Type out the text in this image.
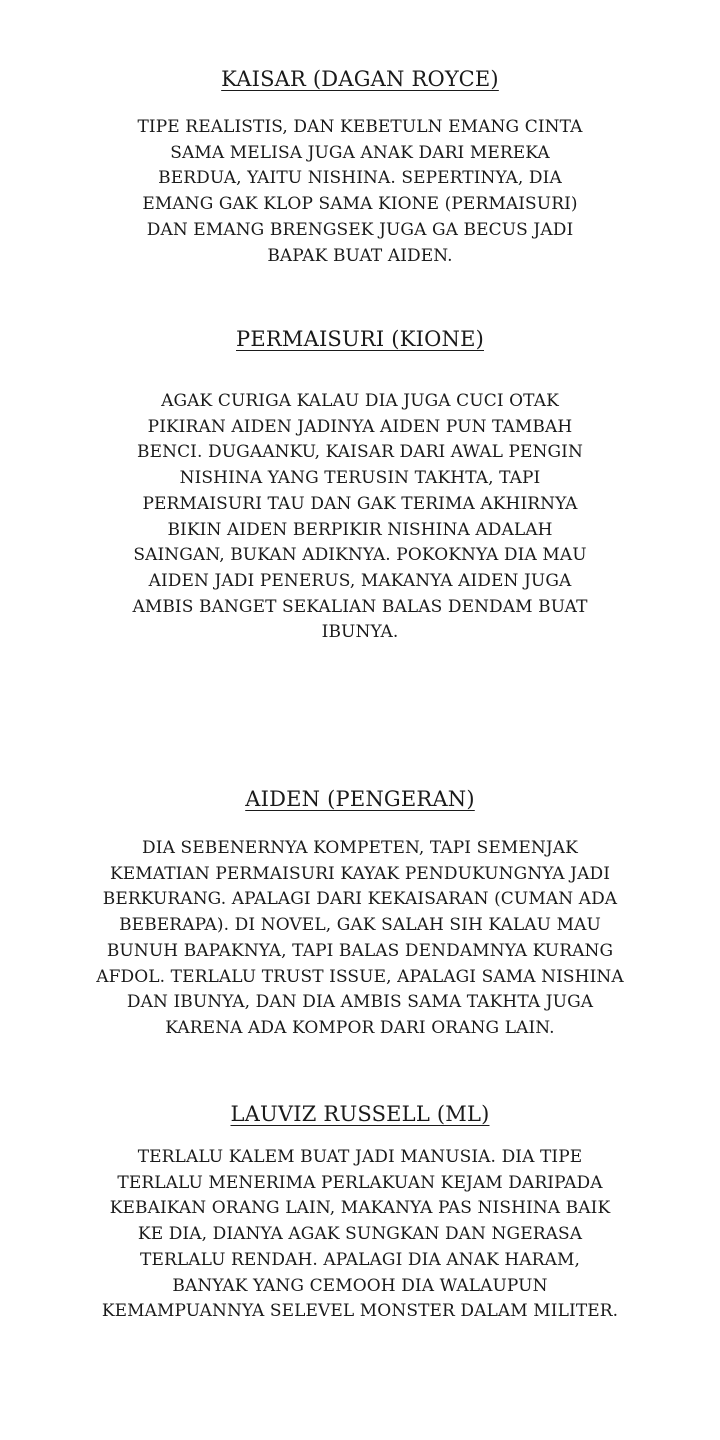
KAISAR (DAGAN ROYCE)

TIPE REALISTIS, DAN KEBETULN EMANG CINTA
SAMA MELISA JUGA ANAK DARI MEREKA
BERDUA, YAITU NISHINA. SEPERTINYA, DIA
EMANG GAK KLOP SAMA KIONE (PERMAISURI)
DAN EMANG BRENGSEK JUGA GA BECUS JADI
BAPAK BUAT AIDEN.

PERMAISURI (KIONE)

AGAK CURIGA KALAU DIA JUGA CUCI OTAK
PIKIRAN AIDEN JADINYA AIDEN PUN TAMBAH
BENCI. DUGAANKU, KAISAR DARI AWAL PENGIN
NISHINA YANG TERUSIN TAKHTA, TAPI
PERMAISURI TAU DAN GAK TERIMA AKHIRNYA
BIKIN AIDEN BERPIKIR NISHINA ADALAH
SAINGAN, BUKAN ADIKNYA. POKOKNYA DIA MAU
AIDEN JADI PENERUS, MAKANYA AIDEN JUGA
AMBIS BANGET SEKALIAN BALAS DENDAM BUAT
IBUNYA.

AIDEN (PENGERAN)

DIA SEBENERNYA KOMPETEN, TAPI SEMENJAK
KEMATIAN PERMAISURI KAYAK PENDUKUNGNYA JADI
BERKURANG. APALAGI DARI KEKAISARAN (CUMAN ADA
BEBERAPA). DI NOVEL, GAK SALAH SIH KALAU MAU
BUNUH BAPAKNYA, TAPI BALAS DENDAMNYA KURANG
AFDOL. TERLALU TRUST ISSUE, APALAGI SAMA NISHINA
DAN IBUNYA, DAN DIA AMBIS SAMA TAKHTA JUGA
KARENA ADA KOMPOR DARI ORANG LAIN.

LAUVIZ RUSSELL (ML)

TERLALU KALEM BUAT JADI MANUSIA. DIA TIPE
TERLALU MENERIMA PERLAKUAN KEJAM DARIPADA
KEBAIKAN ORANG LAIN, MAKANYA PAS NISHINA BAIK
KE DIA, DIANYA AGAK SUNGKAN DAN NGERASA
TERLALU RENDAH. APALAGI DIA ANAK HARAM,
BANYAK YANG CEMOOH DIA WALAUPUN
KEMAMPUANNYA SELEVEL MONSTER DALAM MILITER.
